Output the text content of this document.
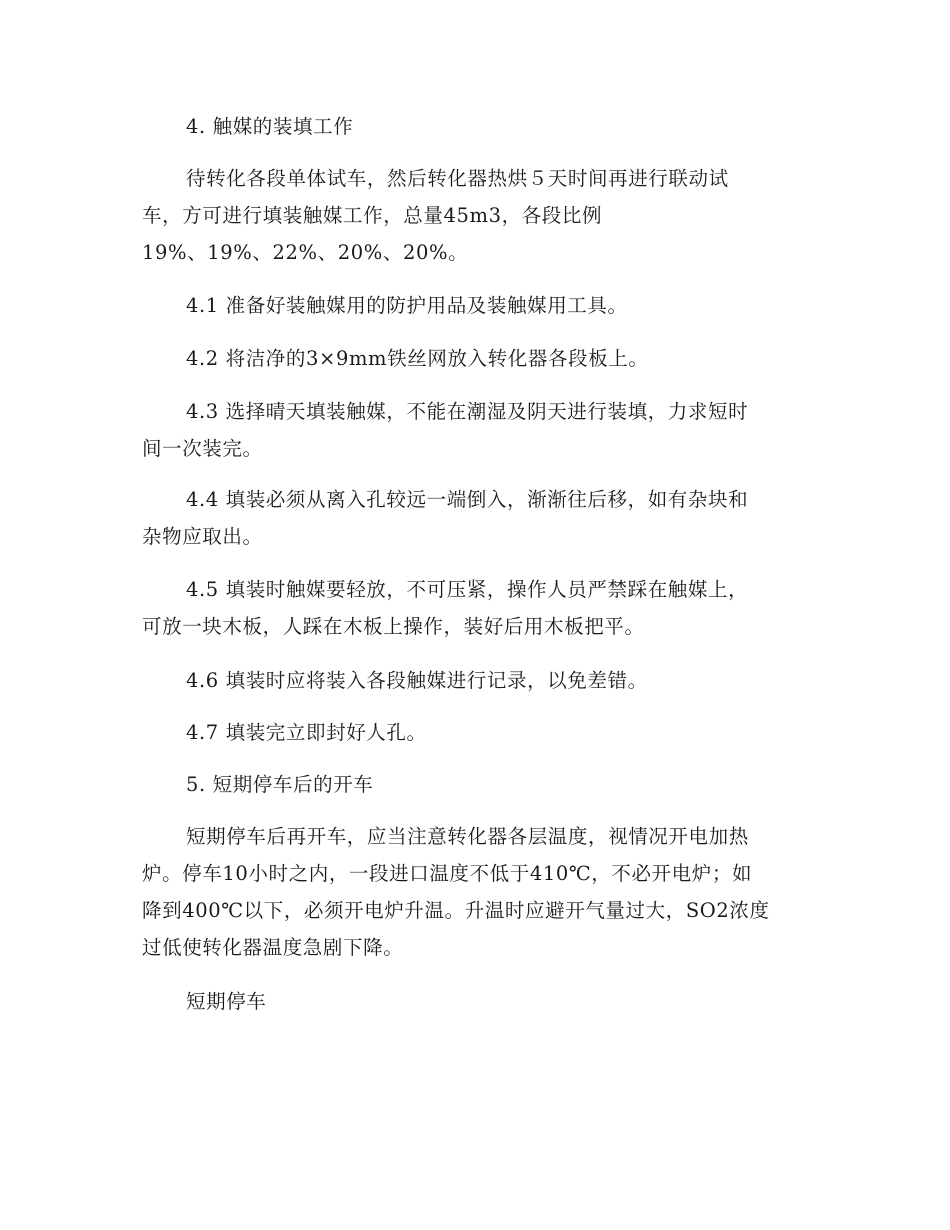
4. 触媒的装填工作

待转化各段单体试车，然后转化器热烘５天时间再进行联动试
车，方可进行填装触媒工作，总量45m3，各段比例
19%、19%、22%、20%、20%。

4.1 准备好装触媒用的防护用品及装触媒用工具。

4.2 将洁净的3×9mm铁丝网放入转化器各段板上。

4.3 选择晴天填装触媒，不能在潮湿及阴天进行装填，力求短时
间一次装完。

4.4 填装必须从离入孔较远一端倒入，渐渐往后移，如有杂块和
杂物应取出。

4.5 填装时触媒要轻放，不可压紧，操作人员严禁踩在触媒上，
可放一块木板，人踩在木板上操作，装好后用木板把平。

4.6 填装时应将装入各段触媒进行记录，以免差错。

4.7 填装完立即封好人孔。

5. 短期停车后的开车

短期停车后再开车，应当注意转化器各层温度，视情况开电加热
炉。停车10小时之内，一段进口温度不低于410℃，不必开电炉；如
降到400℃以下，必须开电炉升温。升温时应避开气量过大，SO2浓度
过低使转化器温度急剧下降。

短期停车
